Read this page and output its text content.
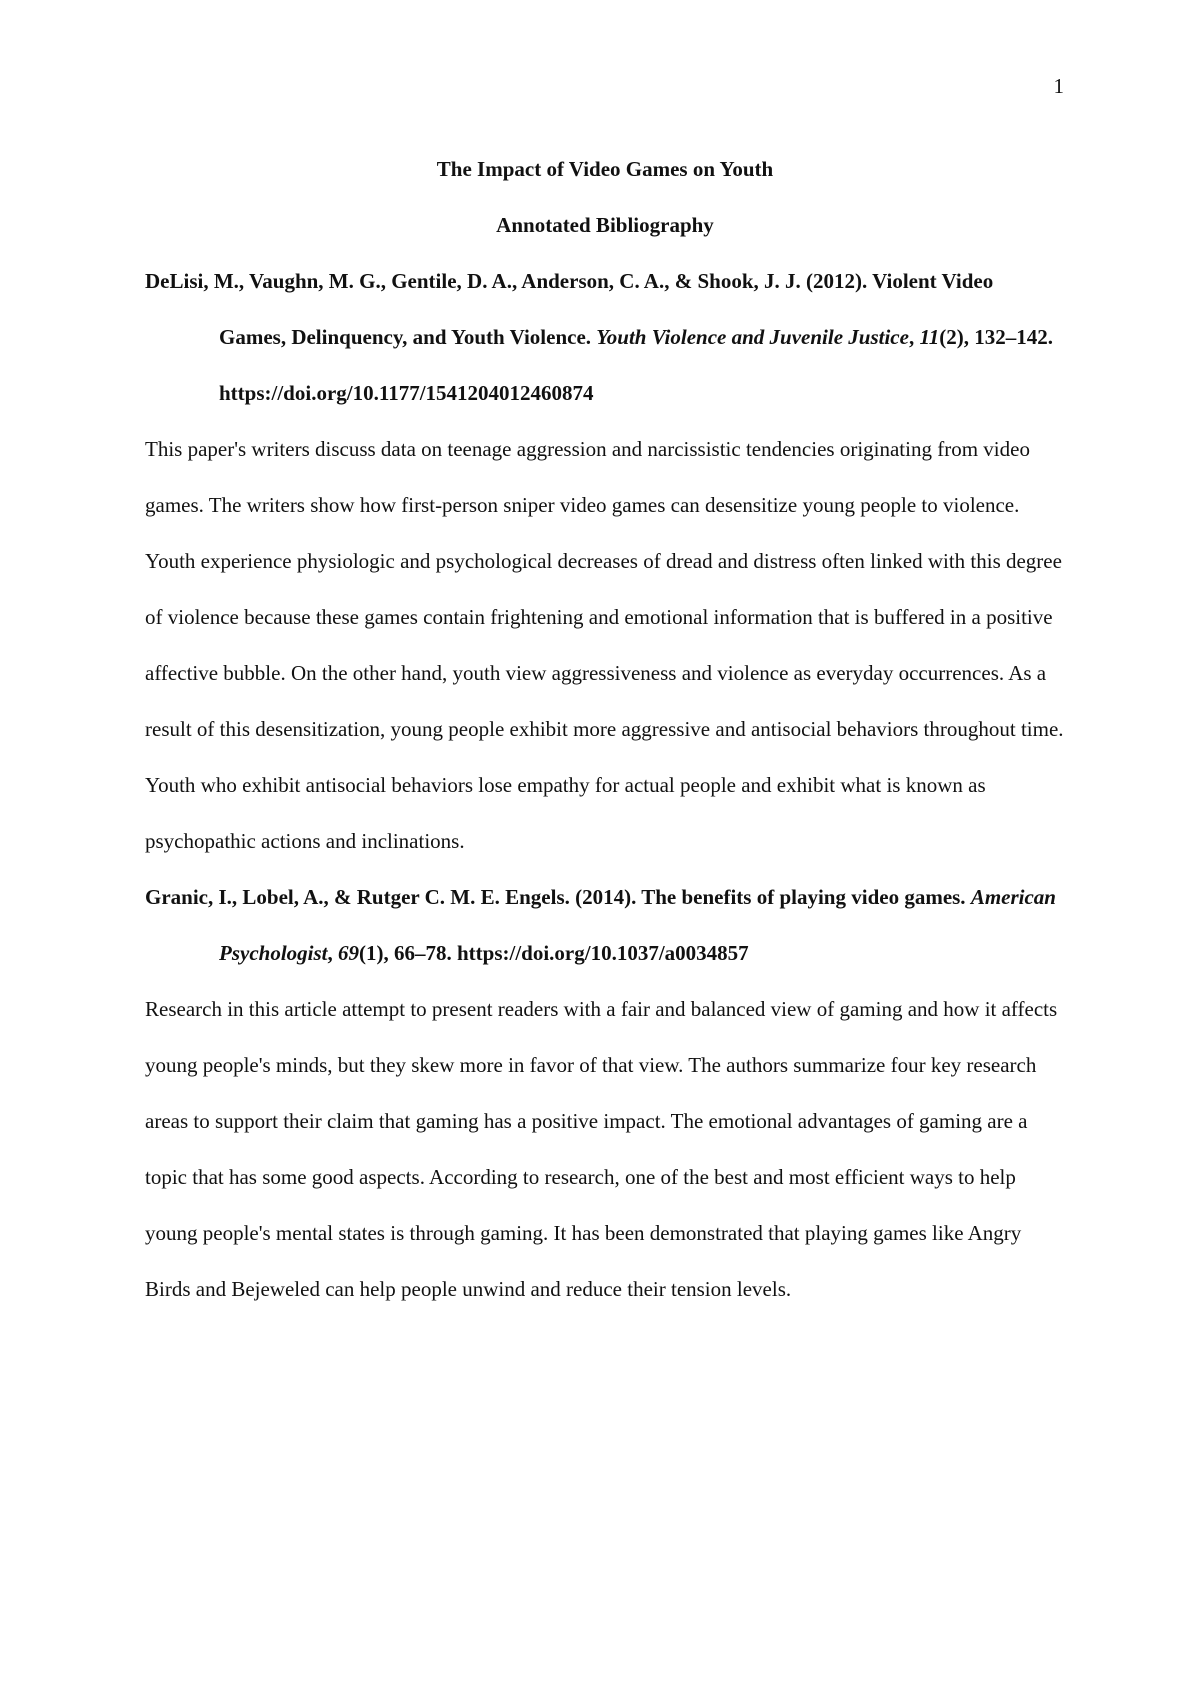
1

The Impact of Video Games on Youth

Annotated Bibliography

DeLisi, M., Vaughn, M. G., Gentile, D. A., Anderson, C. A., & Shook, J. J. (2012). Violent Video Games, Delinquency, and Youth Violence. Youth Violence and Juvenile Justice, 11(2), 132–142. https://doi.org/10.1177/1541204012460874

This paper's writers discuss data on teenage aggression and narcissistic tendencies originating from video games. The writers show how first-person sniper video games can desensitize young people to violence. Youth experience physiologic and psychological decreases of dread and distress often linked with this degree of violence because these games contain frightening and emotional information that is buffered in a positive affective bubble. On the other hand, youth view aggressiveness and violence as everyday occurrences. As a result of this desensitization, young people exhibit more aggressive and antisocial behaviors throughout time. Youth who exhibit antisocial behaviors lose empathy for actual people and exhibit what is known as psychopathic actions and inclinations.

Granic, I., Lobel, A., & Rutger C. M. E. Engels. (2014). The benefits of playing video games. American Psychologist, 69(1), 66–78. https://doi.org/10.1037/a0034857

Research in this article attempt to present readers with a fair and balanced view of gaming and how it affects young people's minds, but they skew more in favor of that view. The authors summarize four key research areas to support their claim that gaming has a positive impact. The emotional advantages of gaming are a topic that has some good aspects. According to research, one of the best and most efficient ways to help young people's mental states is through gaming. It has been demonstrated that playing games like Angry Birds and Bejeweled can help people unwind and reduce their tension levels.
